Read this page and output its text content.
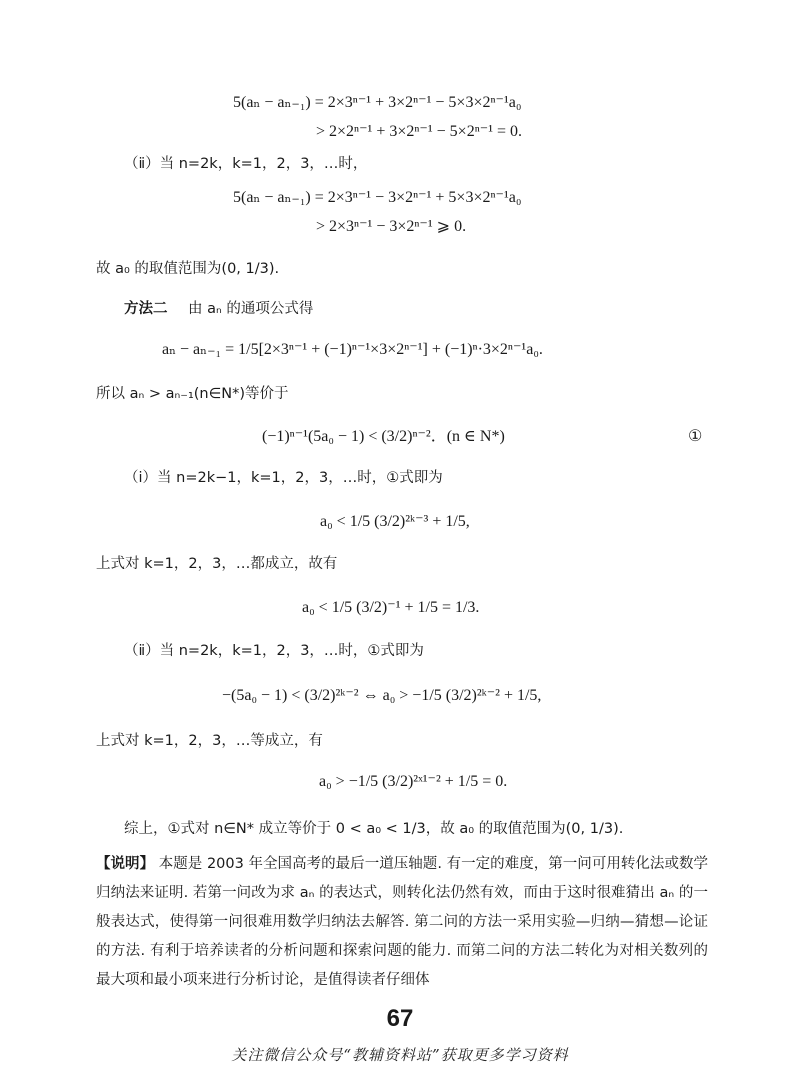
5(aₙ − aₙ₋₁) = 2×3ⁿ⁻¹ + 3×2ⁿ⁻¹ − 5×3×2ⁿ⁻¹a₀
> 2×2ⁿ⁻¹ + 3×2ⁿ⁻¹ − 5×2ⁿ⁻¹ = 0.
（ⅱ）当 n=2k，k=1，2，3，…时，
5(aₙ − aₙ₋₁) = 2×3ⁿ⁻¹ − 3×2ⁿ⁻¹ + 5×3×2ⁿ⁻¹a₀
> 2×3ⁿ⁻¹ − 3×2ⁿ⁻¹ ⩾ 0.
故 a₀ 的取值范围为(0, 1/3).
方法二 由 aₙ 的通项公式得
aₙ − aₙ₋₁ = 1/5[2×3ⁿ⁻¹ + (−1)ⁿ⁻¹×3×2ⁿ⁻¹] + (−1)ⁿ·3×2ⁿ⁻¹a₀.
所以 aₙ > aₙ₋₁(n∈N*)等价于
(−1)ⁿ⁻¹(5a₀ − 1) < (3/2)ⁿ⁻²．(n ∈ N*)	①
（ⅰ）当 n=2k−1，k=1，2，3，…时，①式即为
a₀ < 1/5 (3/2)²ᵏ⁻³ + 1/5,
上式对 k=1，2，3，…都成立，故有
a₀ < 1/5 (3/2)⁻¹ + 1/5 = 1/3.
（ⅱ）当 n=2k，k=1，2，3，…时，①式即为
−(5a₀ − 1) < (3/2)²ᵏ⁻² ⇔ a₀ > −1/5 (3/2)²ᵏ⁻² + 1/5,
上式对 k=1，2，3，…等成立，有
a₀ > −1/5 (3/2)²ˣ¹⁻² + 1/5 = 0.
综上，①式对 n∈N* 成立等价于 0 < a₀ < 1/3，故 a₀ 的取值范围为(0, 1/3).
【说明】 本题是 2003 年全国高考的最后一道压轴题. 有一定的难度，第一问可用转化法或数学归纳法来证明. 若第一问改为求 aₙ 的表达式，则转化法仍然有效，而由于这时很难猜出 aₙ 的一般表达式，使得第一问很难用数学归纳法去解答. 第二问的方法一采用实验—归纳—猜想—论证的方法. 有利于培养读者的分析问题和探索问题的能力. 而第二问的方法二转化为对相关数列的最大项和最小项来进行分析讨论，是值得读者仔细体
67
关注微信公众号“教辅资料站”获取更多学习资料
